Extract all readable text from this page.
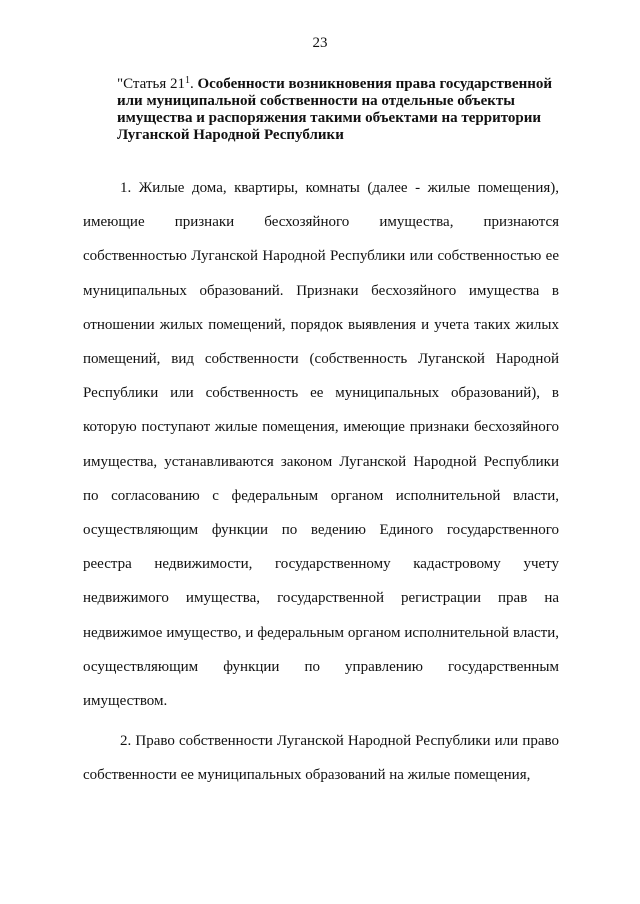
23
"Статья $21^1$. Особенности возникновения права государственной или муниципальной собственности на отдельные объекты имущества и распоряжения такими объектами на территории Луганской Народной Республики

1. Жилые дома, квартиры, комнаты (далее - жилые помещения), имеющие признаки бесхозяйного имущества, признаются собственностью Луганской Народной Республики или собственностью ее муниципальных образований. Признаки бесхозяйного имущества в отношении жилых помещений, порядок выявления и учета таких жилых помещений, вид собственности (собственность Луганской Народной Республики или собственность ее муниципальных образований), в которую поступают жилые помещения, имеющие признаки бесхозяйного имущества, устанавливаются законом Луганской Народной Республики по согласованию с федеральным органом исполнительной власти, осуществляющим функции по ведению Единого государственного реестра недвижимости, государственному кадастровому учету недвижимого имущества, государственной регистрации прав на недвижимое имущество, и федеральным органом исполнительной власти, осуществляющим функции по управлению государственным имуществом.

2. Право собственности Луганской Народной Республики или право собственности ее муниципальных образований на жилые помещения,
